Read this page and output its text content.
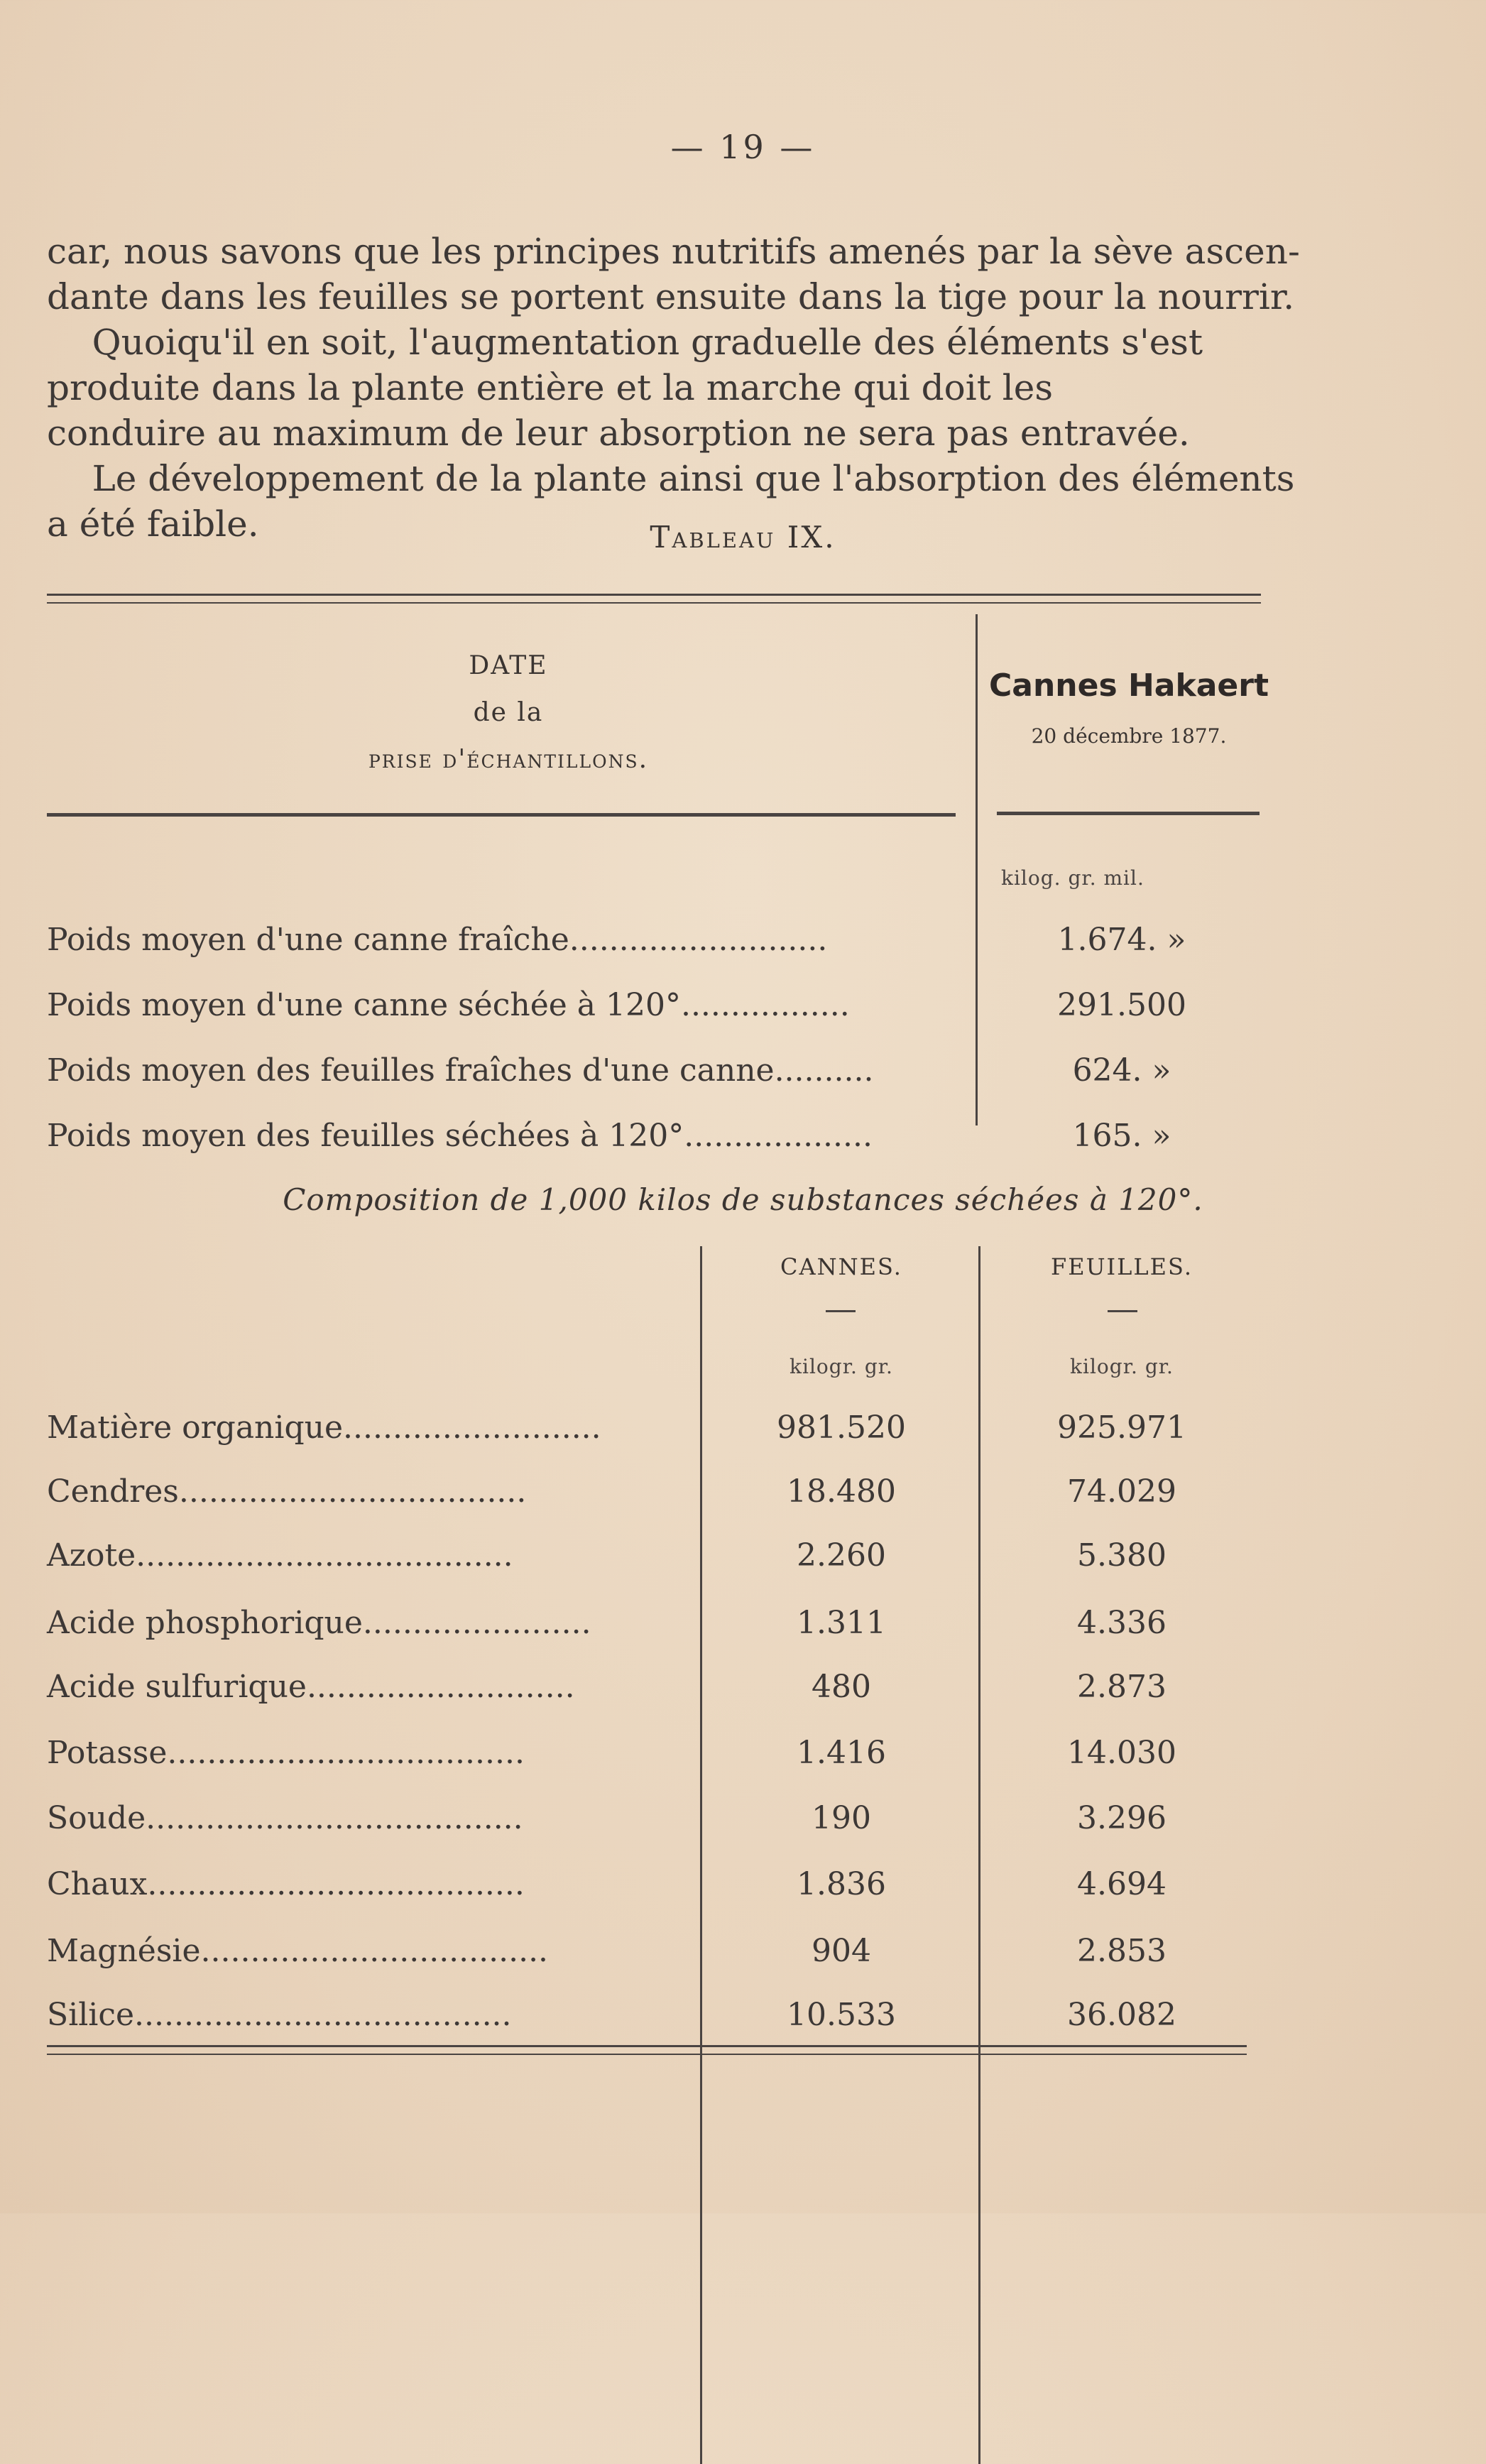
— 19 —
car, nous savons que les principes nutritifs amenés par la sève ascen-
dante dans les feuilles se portent ensuite dans la tige pour la nourrir.
Quoiqu'il en soit, l'augmentation graduelle des éléments s'est
produite dans la plante entière et la marche qui doit les
conduire au maximum de leur absorption ne sera pas entravée.
Le développement de la plante ainsi que l'absorption des éléments
a été faible.	Tableau IX.
DATE
de la
prise d'échantillons.
Cannes Hakaert
20 décembre 1877.
kilog. gr. mil.
Poids moyen d'une canne fraîche..........................	1.674. »
Poids moyen d'une canne séchée à 120°.................	291.500
Poids moyen des feuilles fraîches d'une canne..........	624. »
Poids moyen des feuilles séchées à 120°...................	165. »
Composition de 1,000 kilos de substances séchées à 120°.
CANNES.	FEUILLES.
kilogr. gr.	kilogr. gr.
Matière organique..........................	981.520	925.971
Cendres...................................	18.480	74.029
Azote......................................	2.260	5.380
Acide phosphorique.......................	1.311	4.336
Acide sulfurique...........................	480	2.873
Potasse....................................	1.416	14.030
Soude......................................	190	3.296
Chaux......................................	1.836	4.694
Magnésie...................................	904	2.853
Silice......................................	10.533	36.082
